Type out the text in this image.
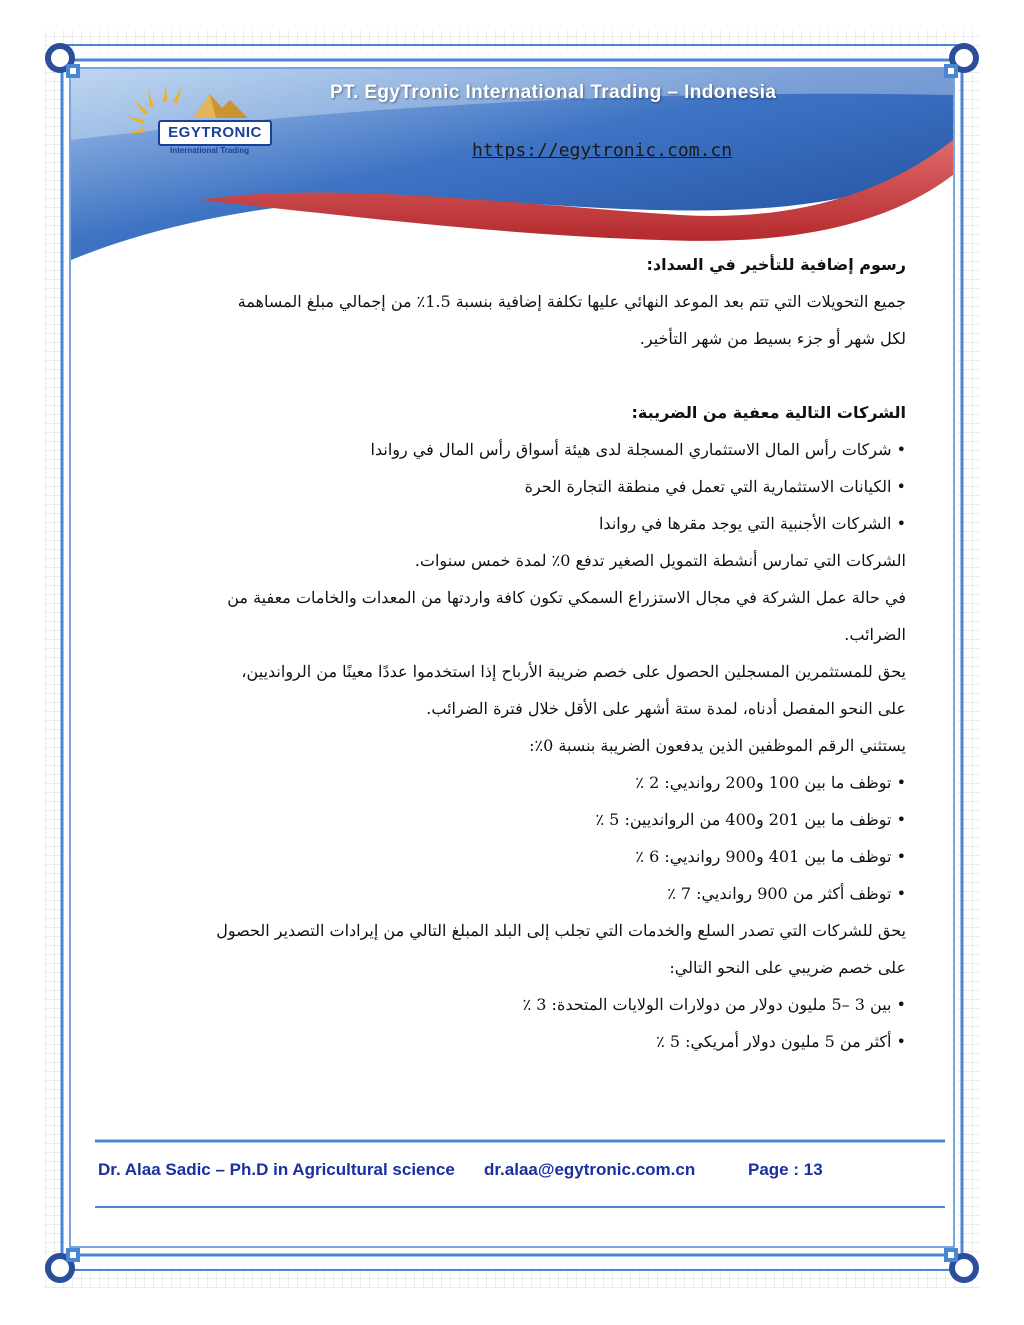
EGYTRONIC
International Trading
PT. EgyTronic International Trading – Indonesia
https://egytronic.com.cn
رسوم إضافية للتأخير في السداد:
جميع التحويلات التي تتم بعد الموعد النهائي عليها تكلفة إضافية بنسبة 1.5٪ من إجمالي مبلغ المساهمة
لكل شهر أو جزء بسيط من شهر التأخير.
الشركات التالية معفية من الضريبة:
• شركات رأس المال الاستثماري المسجلة لدى هيئة أسواق رأس المال في رواندا
• الكيانات الاستثمارية التي تعمل في منطقة التجارة الحرة
• الشركات الأجنبية التي يوجد مقرها في رواندا
الشركات التي تمارس أنشطة التمويل الصغير تدفع 0٪ لمدة خمس سنوات.
في حالة عمل الشركة في مجال الاستزراع السمكي تكون كافة واردتها من المعدات والخامات معفية من
الضرائب.
يحق للمستثمرين المسجلين الحصول على خصم ضريبة الأرباح إذا استخدموا عددًا معينًا من الروانديين،
على النحو المفصل أدناه، لمدة ستة أشهر على الأقل خلال فترة الضرائب.
يستثني الرقم الموظفين الذين يدفعون الضريبة بنسبة 0٪:
• توظف ما بين 100 و200 روانديي: 2 ٪
• توظف ما بين 201 و400 من الروانديين: 5 ٪
• توظف ما بين 401 و900 روانديي: 6 ٪
• توظف أكثر من 900 روانديي: 7 ٪
يحق للشركات التي تصدر السلع والخدمات التي تجلب إلى البلد المبلغ التالي من إيرادات التصدير الحصول
على خصم ضريبي على النحو التالي:
• بين 3 –5 مليون دولار من دولارات الولايات المتحدة: 3 ٪
• أكثر من 5 مليون دولار أمريكي: 5 ٪
Dr. Alaa Sadic – Ph.D in Agricultural science dr.alaa@egytronic.com.cn	Page : 13
